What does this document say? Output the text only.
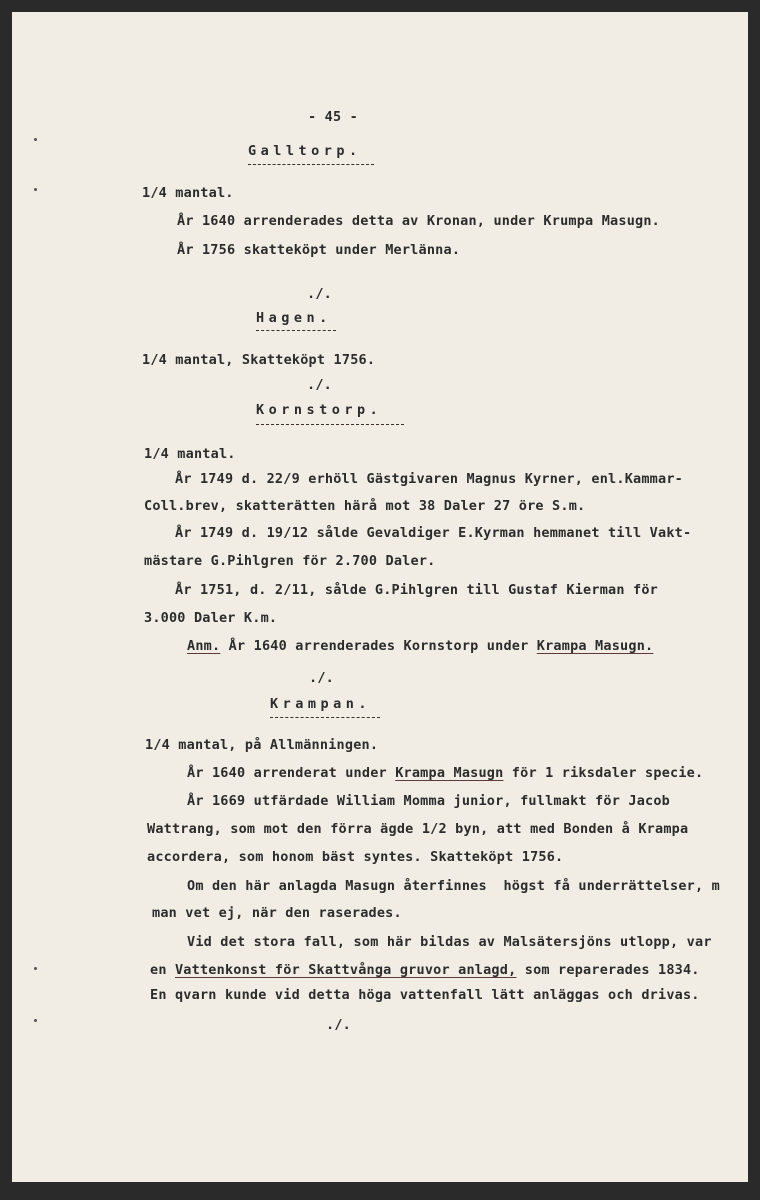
- 45 -
Galltorp.
1/4 mantal.
År 1640 arrenderades detta av Kronan, under Krumpa Masugn.
År 1756 skatteköpt under Merlänna.
./.
Hagen.
1/4 mantal, Skatteköpt 1756.
./.
Kornstorp.
1/4 mantal.
År 1749 d. 22/9 erhöll Gästgivaren Magnus Kyrner, enl.Kammar-
Coll.brev, skatterätten härå mot 38 Daler 27 öre S.m.
År 1749 d. 19/12 sålde Gevaldiger E.Kyrman hemmanet till Vakt-
mästare G.Pihlgren för 2.700 Daler.
År 1751, d. 2/11, sålde G.Pihlgren till Gustaf Kierman för
3.000 Daler K.m.
Anm. År 1640 arrenderades Kornstorp under Krampa Masugn.
./.
Krampan.
1/4 mantal, på Allmänningen.
År 1640 arrenderat under Krampa Masugn för 1 riksdaler specie.
År 1669 utfärdade William Momma junior, fullmakt för Jacob
Wattrang, som mot den förra ägde 1/2 byn, att med Bonden å Krampa
accordera, som honom bäst syntes. Skatteköpt 1756.
Om den här anlagda Masugn återfinnes högst få underrättelser, m
man vet ej, när den raserades.
Vid det stora fall, som här bildas av Malsätersjöns utlopp, var
en Vattenkonst för Skattvånga gruvor anlagd, som reparerades 1834.
En qvarn kunde vid detta höga vattenfall lätt anläggas och drivas.
./.
